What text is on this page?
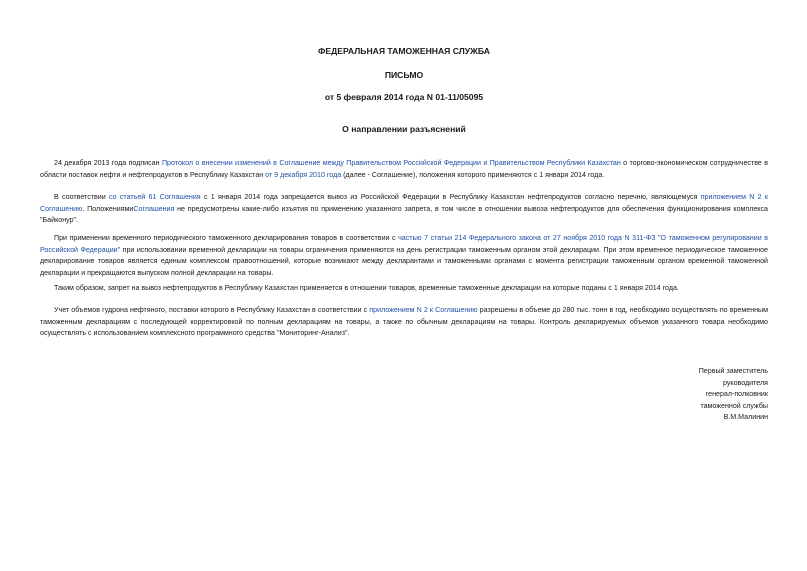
ФЕДЕРАЛЬНАЯ ТАМОЖЕННАЯ СЛУЖБА
ПИСЬМО
от 5 февраля 2014 года N 01-11/05095
О направлении разъяснений
24 декабря 2013 года подписан Протокол о внесении изменений в Соглашение между Правительством Российской Федерации и Правительством Республики Казахстан о торгово-экономическом сотрудничестве в области поставок нефти и нефтепродуктов в Республику Казахстан от 9 декабря 2010 года (далее - Соглашение), положения которого применяются с 1 января 2014 года.
В соответствии со статьей 61 Соглашения с 1 января 2014 года запрещается вывоз из Российской Федерации в Республику Казахстан нефтепродуктов согласно перечню, являющемуся приложением N 2 к Соглашению. ПоложениямиСоглашения не предусмотрены какие-либо изъятия по применению указанного запрета, в том числе в отношении вывоза нефтепродуктов для обеспечения функционирования комплекса "Байконур".
При применении временного периодического таможенного декларирования товаров в соответствии с частью 7 статьи 214 Федерального закона от 27 ноября 2010 года N 311-ФЗ "О таможенном регулировании в Российской Федерации" при использовании временной декларации на товары ограничения применяются на день регистрации таможенным органом этой декларации. При этом временное периодическое таможенное декларирование товаров является единым комплексом правоотношений, которые возникают между декларантами и таможенными органами с момента регистрации таможенным органом временной таможенной декларации и прекращаются выпуском полной декларации на товары.
Таким образом, запрет на вывоз нефтепродуктов в Республику Казахстан применяется в отношении товаров, временные таможенные декларации на которые поданы с 1 января 2014 года.
Учет объемов гудрона нефтяного, поставки которого в Республику Казахстан в соответствии с приложением N 2 к Соглашению разрешены в объеме до 280 тыс. тонн в год, необходимо осуществлять по временным таможенным декларациям с последующей корректировкой по полным декларациям на товары, а также по обычным декларациям на товары. Контроль декларируемых объемов указанного товара необходимо осуществлять с использованием комплексного программного средства "Мониторинг-Анализ".
Первый заместитель
руководителя
генерал-полковник
таможенной службы
В.М.Малинин
